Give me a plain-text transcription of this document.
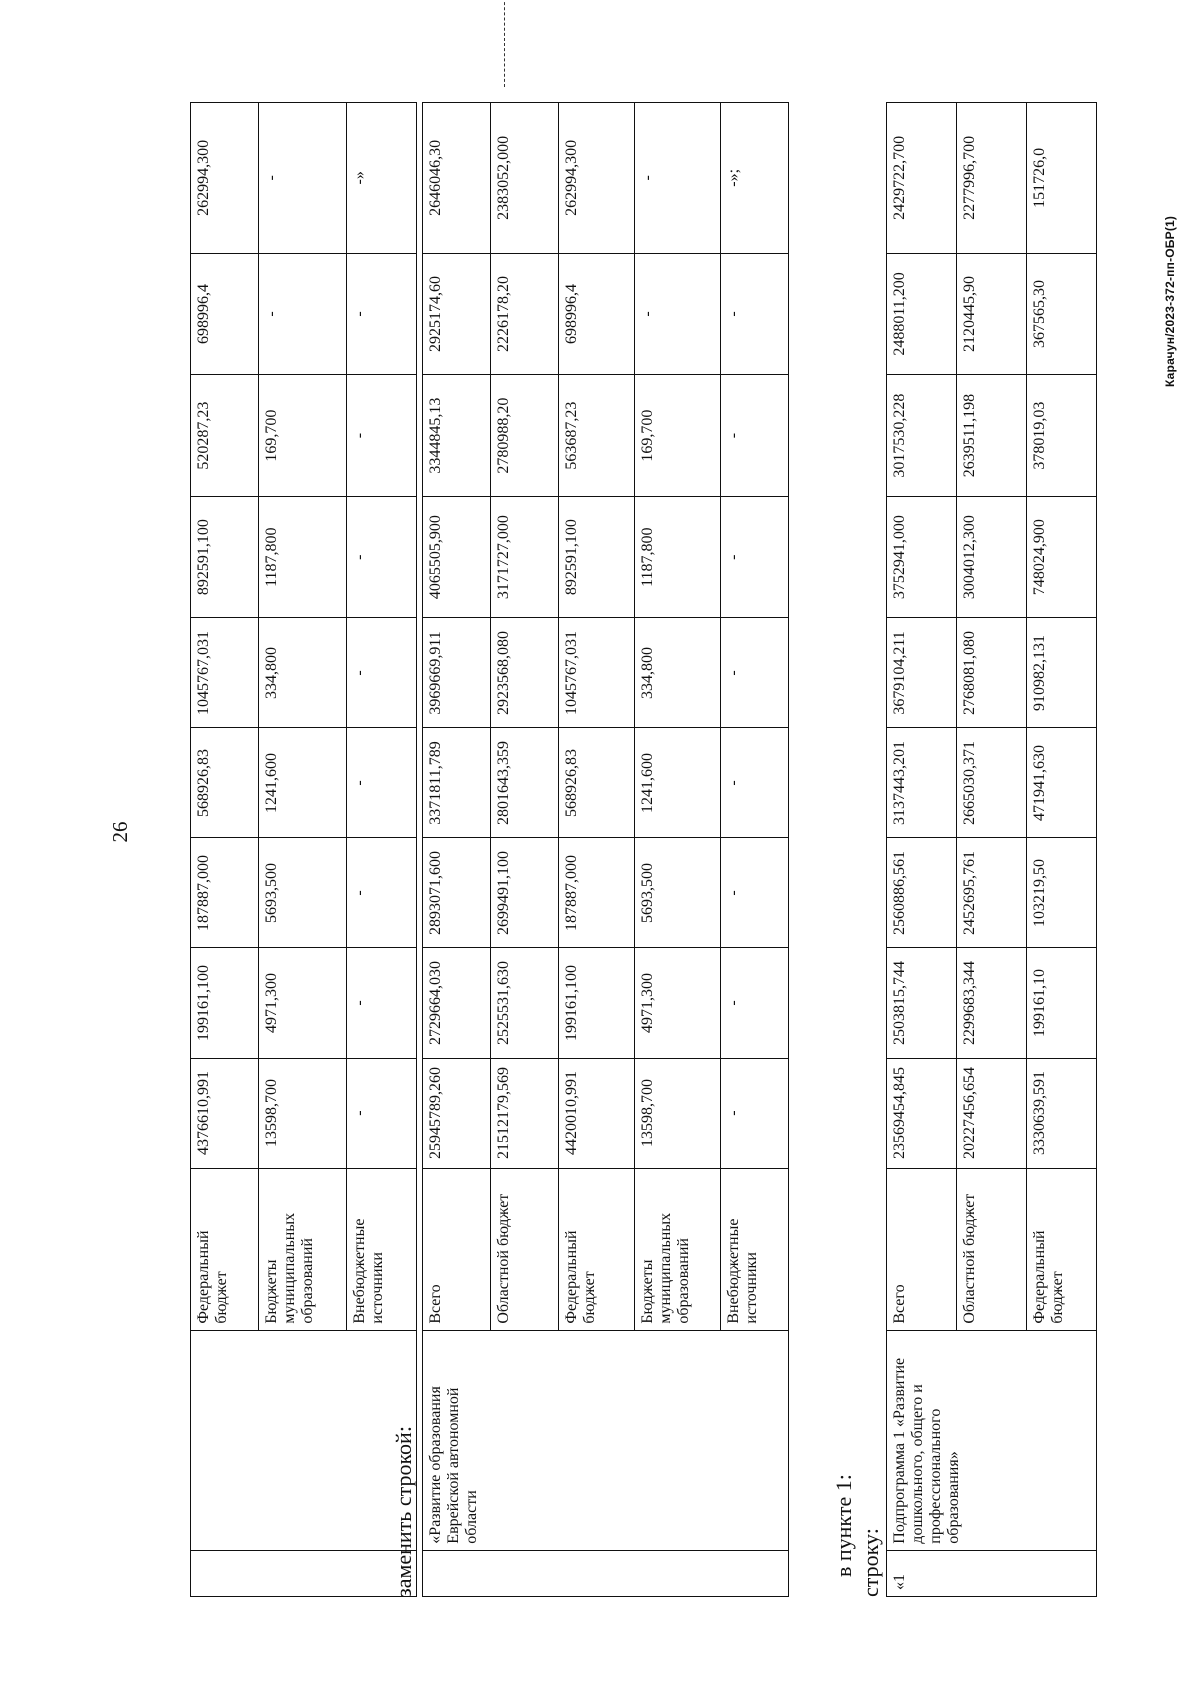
26
		Федеральный бюджет	4376610,991	199161,100	187887,000	568926,83	1045767,031	892591,100	520287,23	698996,4	262994,300
		Бюджеты муниципальных образований	13598,700	4971,300	5693,500	1241,600	334,800	1187,800	169,700	-	-
		Внебюджетные источники	-	-	-	-	-	-	-	-	-»
заменить строкой:
	«Развитие образования Еврейской автономной области	Всего	25945789,260	2729664,030	2893071,600	3371811,789	3969669,911	4065505,900	3344845,13	2925174,60	2646046,30
		Областной бюджет	21512179,569	2525531,630	2699491,100	2801643,359	2923568,080	3171727,000	2780988,20	2226178,20	2383052,000
		Федеральный бюджет	4420010,991	199161,100	187887,000	568926,83	1045767,031	892591,100	563687,23	698996,4	262994,300
		Бюджеты муниципальных образований	13598,700	4971,300	5693,500	1241,600	334,800	1187,800	169,700	-	-
		Внебюджетные источники	-	-	-	-	-	-	-	-	-»;
в пункте 1: строку: «1	Подпрограмма 1 «Развитие дошкольного, общего и профессионального образования»	Всего	23569454,845	2503815,744	2560886,561	3137443,201	3679104,211	3752941,000	3017530,228	2488011,200	2429722,700
		Областной бюджет	20227456,654	2299683,344	2452695,761	2665030,371	2768081,080	3004012,300	2639511,198	2120445,90	2277996,700
		Федеральный бюджет	3330639,591	199161,10	103219,50	471941,630	910982,131	748024,900	378019,03	367565,30	151726,0
Карачун/2023-372-пп-ОБР(1)
